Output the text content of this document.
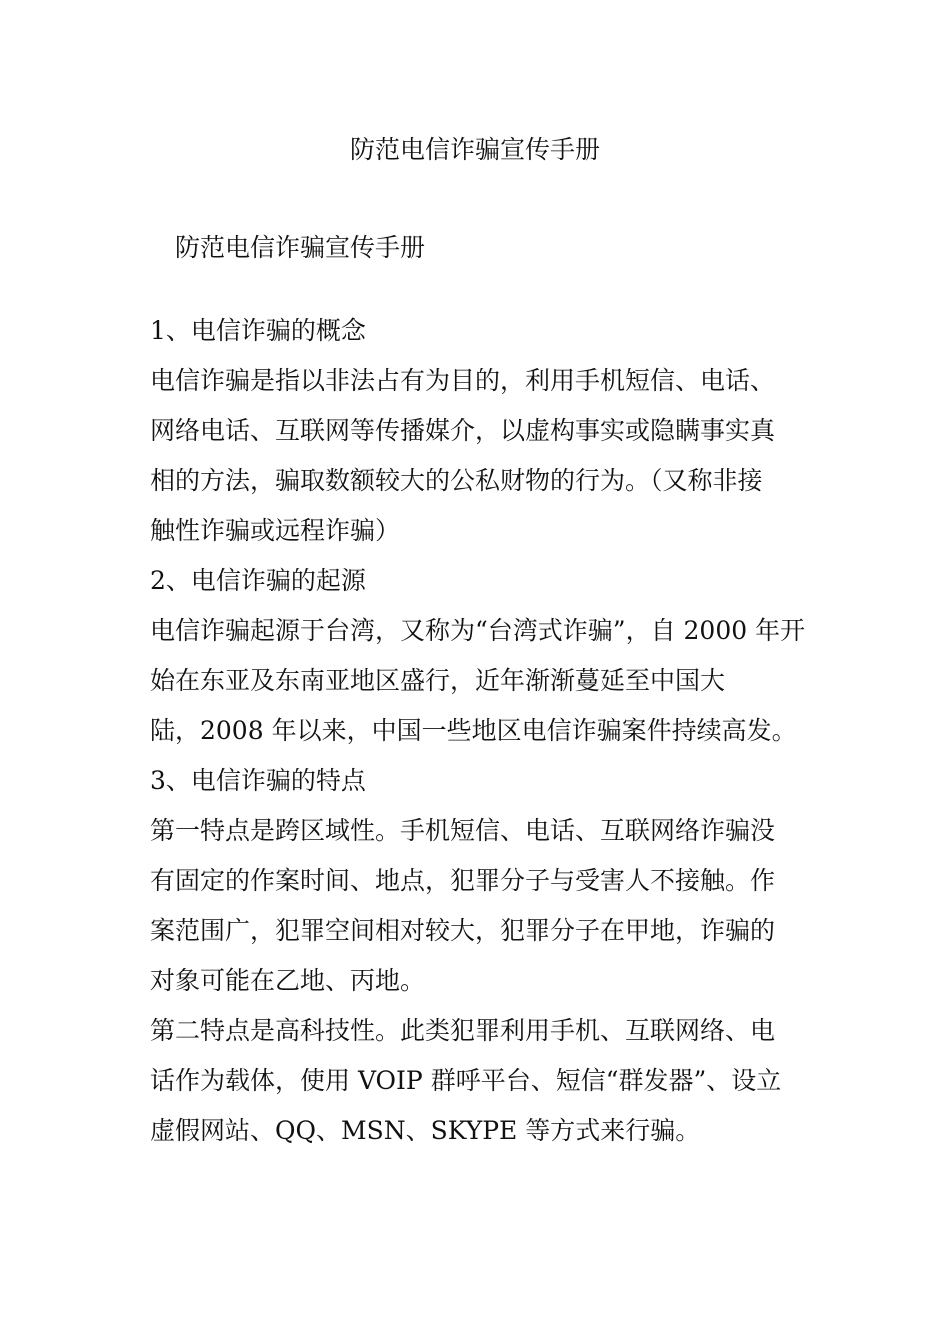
防范电信诈骗宣传手册
防范电信诈骗宣传手册
1、电信诈骗的概念
电信诈骗是指以非法占有为目的，利用手机短信、电话、
网络电话、互联网等传播媒介，以虚构事实或隐瞒事实真
相的方法，骗取数额较大的公私财物的行为。（又称非接
触性诈骗或远程诈骗）
2、电信诈骗的起源
电信诈骗起源于台湾，又称为“台湾式诈骗”，自 2000 年开
始在东亚及东南亚地区盛行，近年渐渐蔓延至中国大
陆，2008 年以来，中国一些地区电信诈骗案件持续高发。
3、电信诈骗的特点
第一特点是跨区域性。手机短信、电话、互联网络诈骗没
有固定的作案时间、地点，犯罪分子与受害人不接触。作
案范围广，犯罪空间相对较大，犯罪分子在甲地，诈骗的
对象可能在乙地、丙地。
第二特点是高科技性。此类犯罪利用手机、互联网络、电
话作为载体，使用 VOIP 群呼平台、短信“群发器”、设立
虚假网站、QQ、MSN、SKYPE 等方式来行骗。
